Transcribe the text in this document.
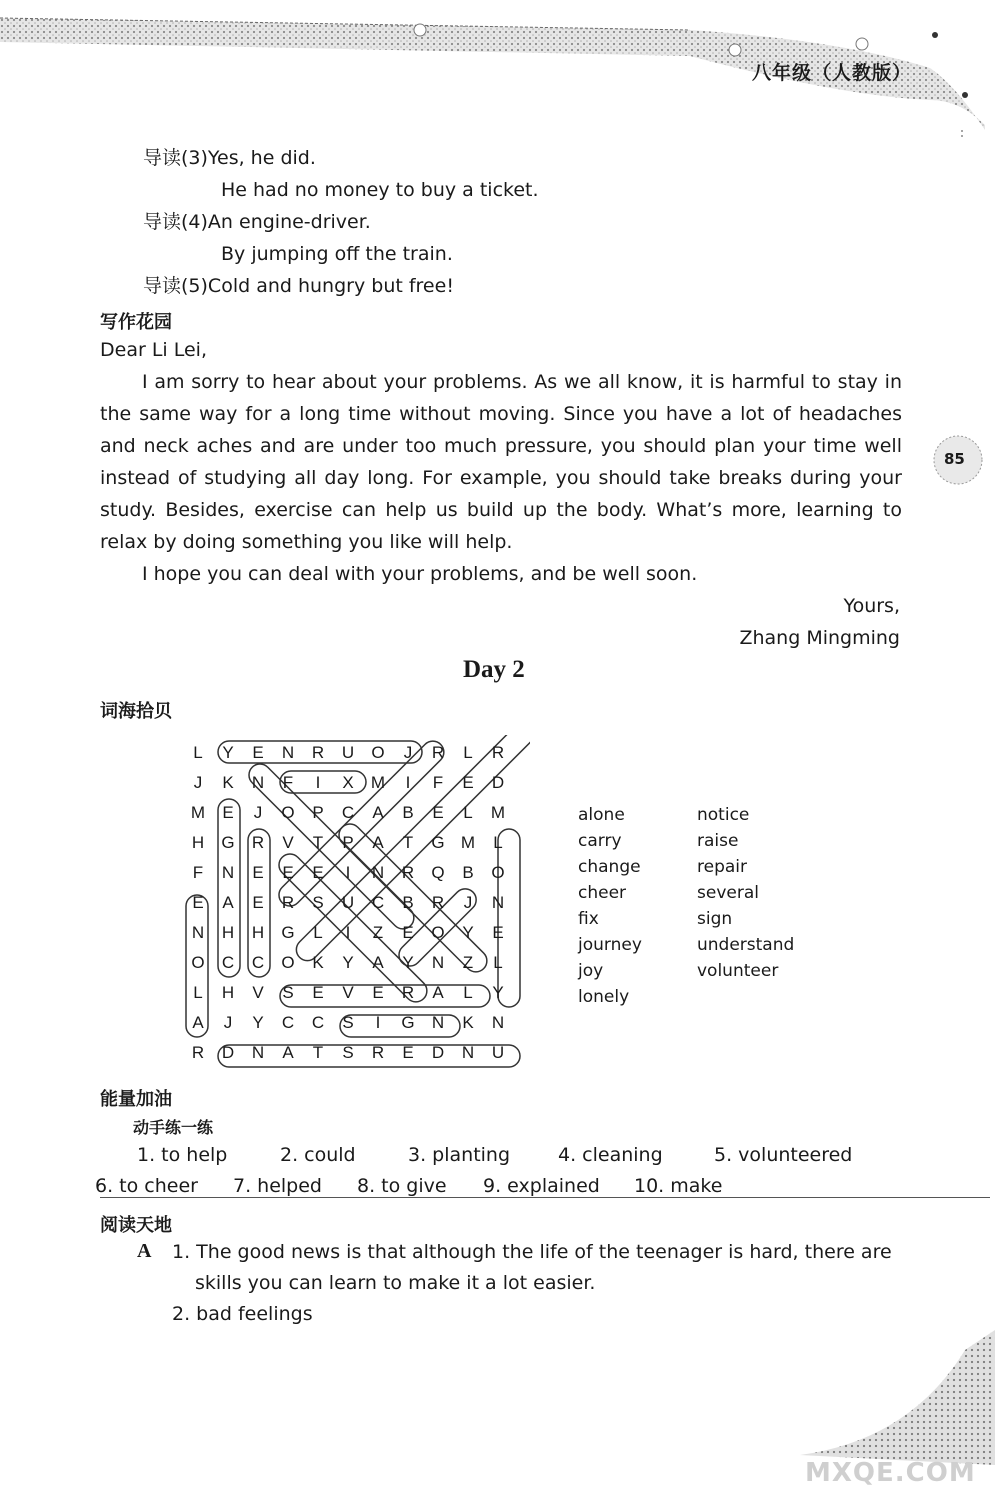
八年级（人教版）
85
导读(3)Yes, he did.
He had no money to buy a ticket.
导读(4)An engine-driver.
By jumping off the train.
导读(5)Cold and hungry but free!
写作花园
Dear Li Lei,
I am sorry to hear about your problems. As we all know, it is harmful to stay in the same way for a long time without moving. Since you have a lot of headaches and neck aches and are under too much pressure, you should plan your time well instead of studying all day long. For example, you should take breaks during your study. Besides, exercise can help us build up the body. What’s more, learning to relax by doing something you like will help.
I hope you can deal with your problems, and be well soon.
Yours,
Zhang Mingming
Day 2
词海拾贝
L Y E N R U O J R L R
J K N F I X M I F E D
M E J O P C A B E L M
H G R V T P A T G M L
F N E E E I N R Q B O
E A E R S U C B R J N
N H H G L I Z E O Y E
O C C O K Y A Y N Z L
L H V S E V E R A L Y
A J Y C C S I G N K N
R D N A T S R E D N U
alone
carry
change
cheer
fix
journey
joy
lonely
notice
raise
repair
several
sign
understand
volunteer
能量加油
动手练一练
1. to help	2. could	3. planting	4. cleaning	5. volunteered
6. to cheer 7. helped 8. to give 9. explained 10. make
阅读天地
A 1. The good news is that although the life of the teenager is hard, there are
skills you can learn to make it a lot easier.
2. bad feelings
MXQE.COM
